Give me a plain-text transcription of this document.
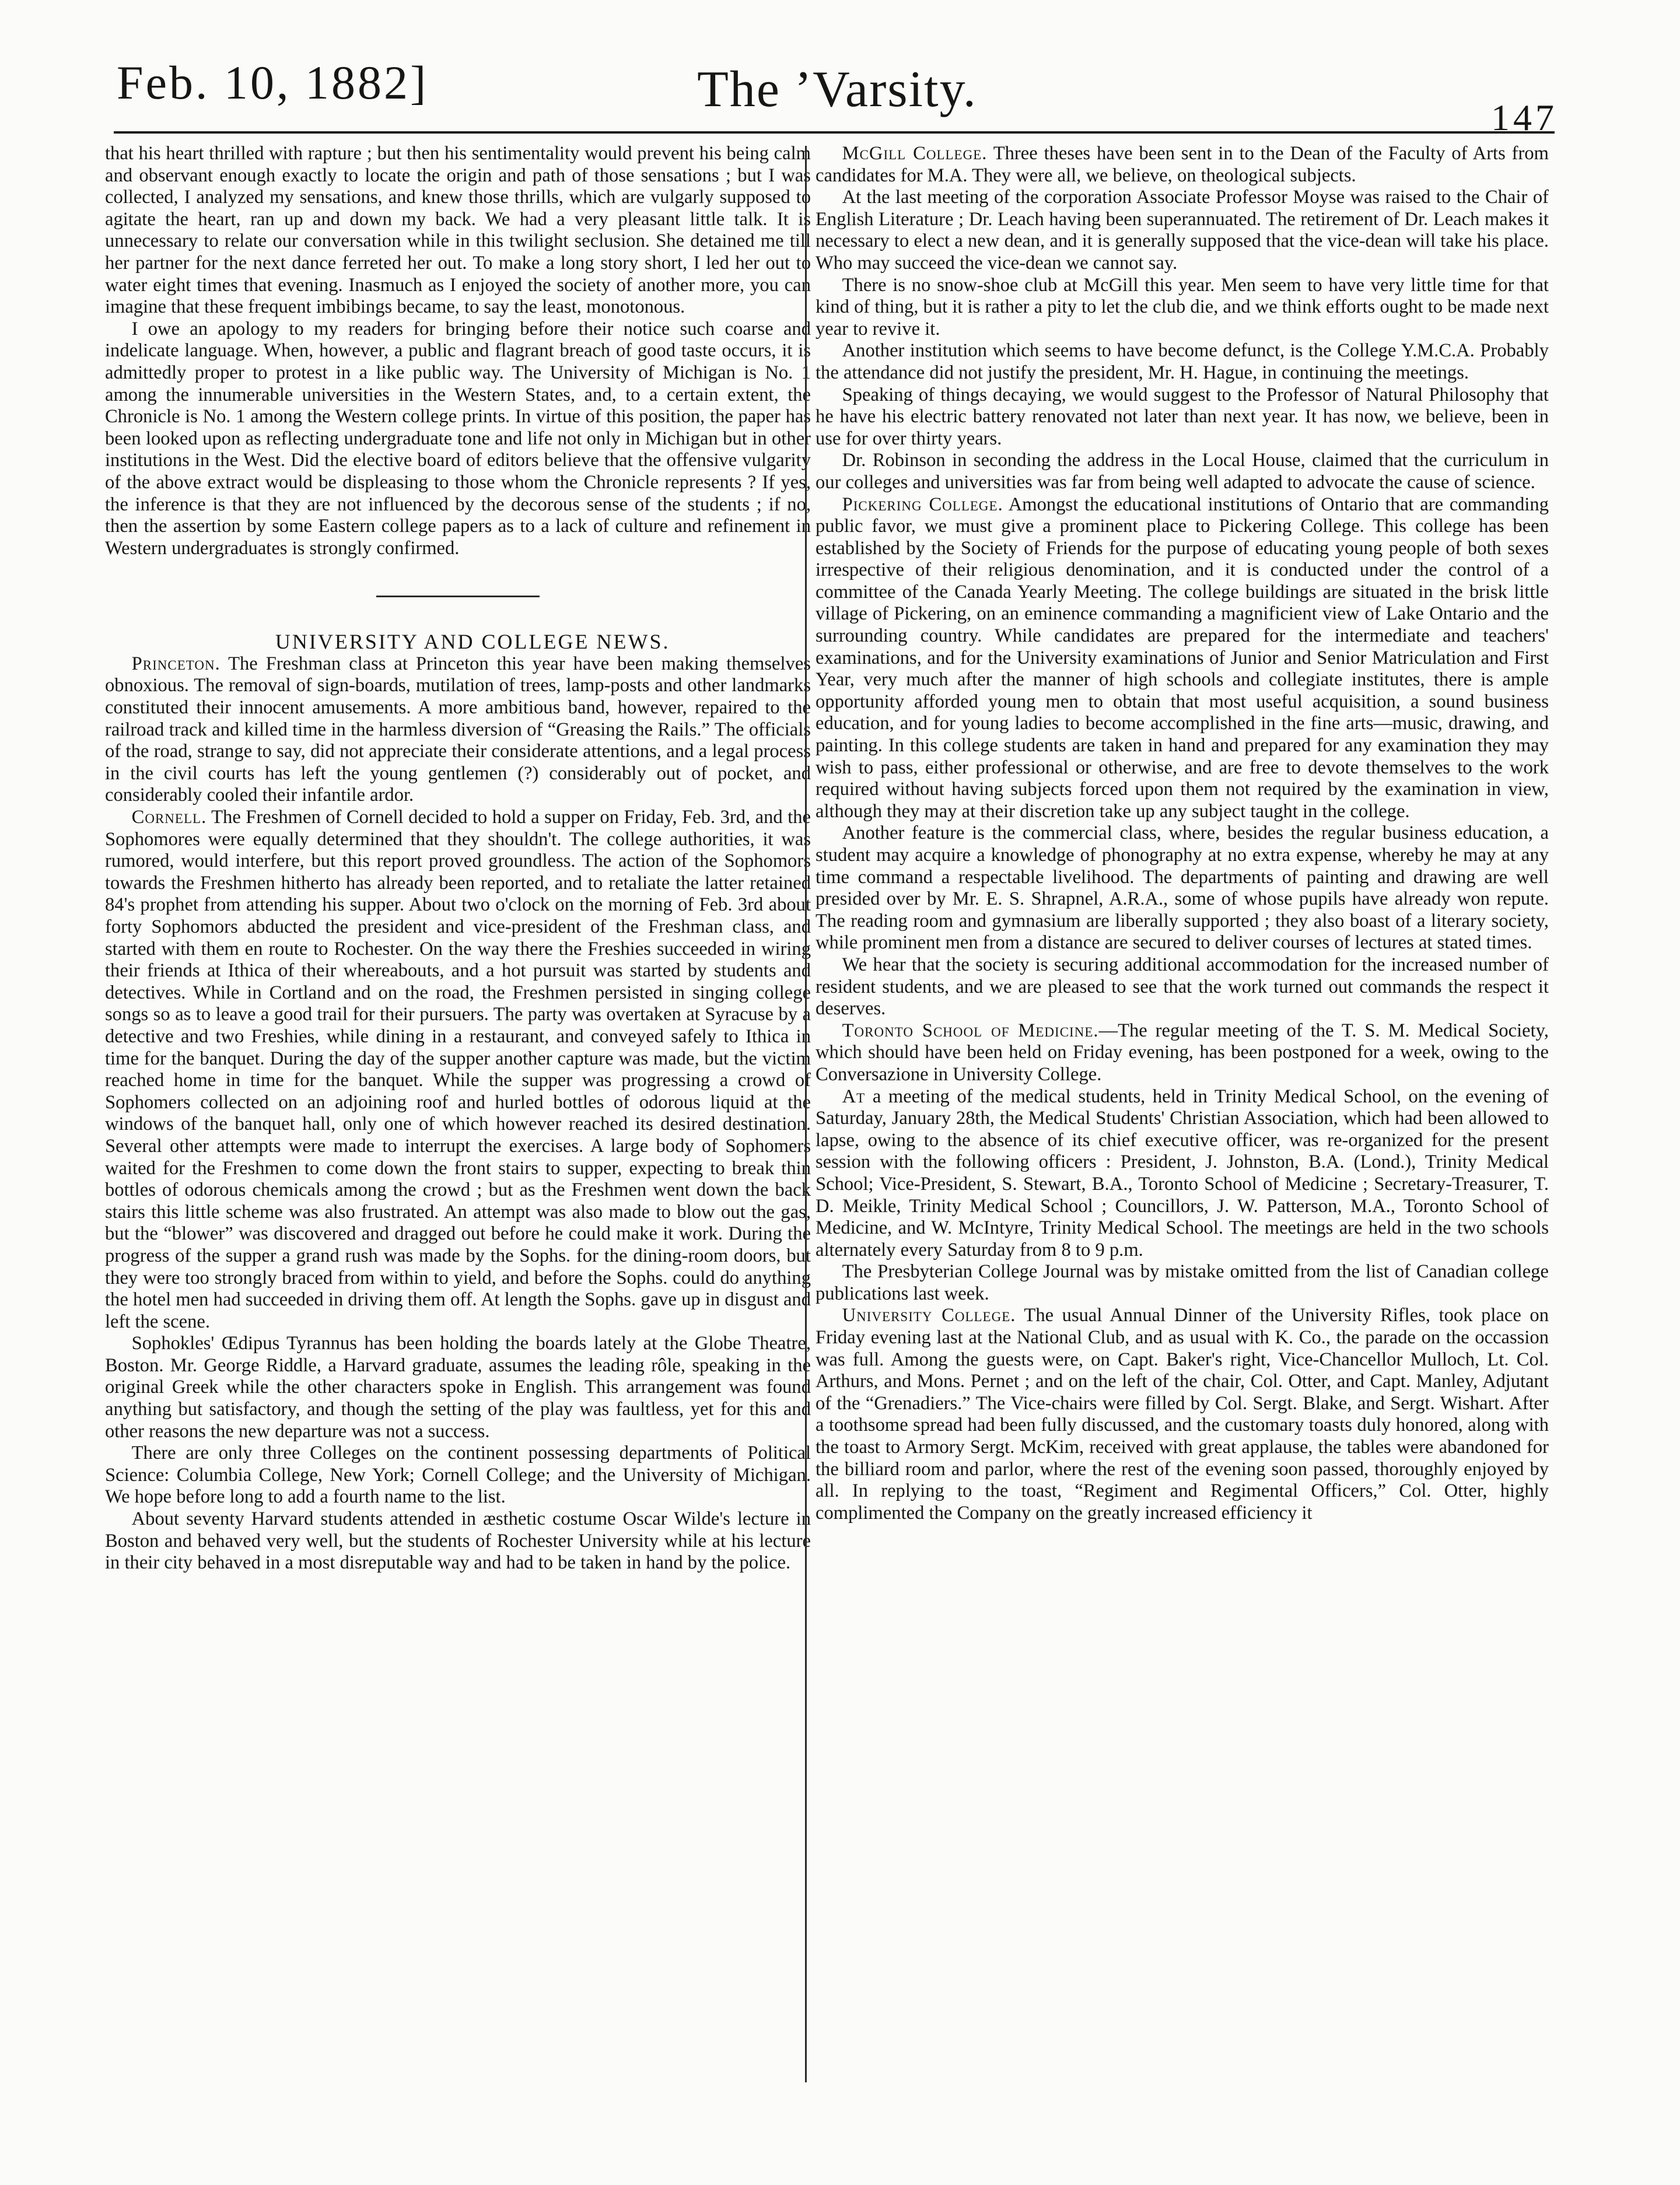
Feb. 10, 1882]	The ’Varsity.	147

that his heart thrilled with rapture ; but then his sentimentality would prevent his being calm and observant enough exactly to locate the origin and path of those sensations ; but I was collected, I analyzed my sensations, and knew those thrills, which are vulgarly supposed to agitate the heart, ran up and down my back. We had a very pleasant little talk. It is unnecessary to relate our conversation while in this twilight seclusion. She detained me till her partner for the next dance ferreted her out. To make a long story short, I led her out to water eight times that evening. Inasmuch as I enjoyed the society of another more, you can imagine that these frequent imbibings became, to say the least, monotonous.

I owe an apology to my readers for bringing before their notice such coarse and indelicate language. When, however, a public and flagrant breach of good taste occurs, it is admittedly proper to protest in a like public way. The University of Michigan is No. 1 among the innumerable universities in the Western States, and, to a certain extent, the Chronicle is No. 1 among the Western college prints. In virtue of this position, the paper has been looked upon as reflecting undergraduate tone and life not only in Michigan but in other institutions in the West. Did the elective board of editors believe that the offensive vulgarity of the above extract would be displeasing to those whom the Chronicle represents ? If yes, the inference is that they are not influenced by the decorous sense of the students ; if no, then the assertion by some Eastern college papers as to a lack of culture and refinement in Western undergraduates is strongly confirmed.

UNIVERSITY AND COLLEGE NEWS.

Princeton. The Freshman class at Princeton this year have been making themselves obnoxious. The removal of sign-boards, mutilation of trees, lamp-posts and other landmarks constituted their innocent amusements. A more ambitious band, however, repaired to the railroad track and killed time in the harmless diversion of “Greasing the Rails.” The officials of the road, strange to say, did not appreciate their considerate attentions, and a legal process in the civil courts has left the young gentlemen (?) considerably out of pocket, and considerably cooled their infantile ardor.

Cornell. The Freshmen of Cornell decided to hold a supper on Friday, Feb. 3rd, and the Sophomores were equally determined that they shouldn't. The college authorities, it was rumored, would interfere, but this report proved groundless. The action of the Sophomors towards the Freshmen hitherto has already been reported, and to retaliate the latter retained 84's prophet from attending his supper. About two o'clock on the morning of Feb. 3rd about forty Sophomors abducted the president and vice-president of the Freshman class, and started with them en route to Rochester. On the way there the Freshies succeeded in wiring their friends at Ithica of their whereabouts, and a hot pursuit was started by students and detectives. While in Cortland and on the road, the Freshmen persisted in singing college songs so as to leave a good trail for their pursuers. The party was overtaken at Syracuse by a detective and two Freshies, while dining in a restaurant, and conveyed safely to Ithica in time for the banquet. During the day of the supper another capture was made, but the victim reached home in time for the banquet. While the supper was progressing a crowd of Sophomers collected on an adjoining roof and hurled bottles of odorous liquid at the windows of the banquet hall, only one of which however reached its desired destination. Several other attempts were made to interrupt the exercises. A large body of Sophomers waited for the Freshmen to come down the front stairs to supper, expecting to break thin bottles of odorous chemicals among the crowd ; but as the Freshmen went down the back stairs this little scheme was also frustrated. An attempt was also made to blow out the gas, but the “blower” was discovered and dragged out before he could make it work. During the progress of the supper a grand rush was made by the Sophs. for the dining-room doors, but they were too strongly braced from within to yield, and before the Sophs. could do anything the hotel men had succeeded in driving them off. At length the Sophs. gave up in disgust and left the scene.

Sophokles' Œdipus Tyrannus has been holding the boards lately at the Globe Theatre, Boston. Mr. George Riddle, a Harvard graduate, assumes the leading rôle, speaking in the original Greek while the other characters spoke in English. This arrangement was found anything but satisfactory, and though the setting of the play was faultless, yet for this and other reasons the new departure was not a success.

There are only three Colleges on the continent possessing departments of Political Science: Columbia College, New York; Cornell College; and the University of Michigan. We hope before long to add a fourth name to the list.

About seventy Harvard students attended in æsthetic costume Oscar Wilde's lecture in Boston and behaved very well, but the students of Rochester University while at his lecture in their city behaved in a most disreputable way and had to be taken in hand by the police.

McGill College. Three theses have been sent in to the Dean of the Faculty of Arts from candidates for M.A. They were all, we believe, on theological subjects.

At the last meeting of the corporation Associate Professor Moyse was raised to the Chair of English Literature ; Dr. Leach having been superannuated. The retirement of Dr. Leach makes it necessary to elect a new dean, and it is generally supposed that the vice-dean will take his place. Who may succeed the vice-dean we cannot say.

There is no snow-shoe club at McGill this year. Men seem to have very little time for that kind of thing, but it is rather a pity to let the club die, and we think efforts ought to be made next year to revive it.

Another institution which seems to have become defunct, is the College Y.M.C.A. Probably the attendance did not justify the president, Mr. H. Hague, in continuing the meetings.

Speaking of things decaying, we would suggest to the Professor of Natural Philosophy that he have his electric battery renovated not later than next year. It has now, we believe, been in use for over thirty years.

Dr. Robinson in seconding the address in the Local House, claimed that the curriculum in our colleges and universities was far from being well adapted to advocate the cause of science.

Pickering College. Amongst the educational institutions of Ontario that are commanding public favor, we must give a prominent place to Pickering College. This college has been established by the Society of Friends for the purpose of educating young people of both sexes irrespective of their religious denomination, and it is conducted under the control of a committee of the Canada Yearly Meeting. The college buildings are situated in the brisk little village of Pickering, on an eminence commanding a magnificient view of Lake Ontario and the surrounding country. While candidates are prepared for the intermediate and teachers' examinations, and for the University examinations of Junior and Senior Matriculation and First Year, very much after the manner of high schools and collegiate institutes, there is ample opportunity afforded young men to obtain that most useful acquisition, a sound business education, and for young ladies to become accomplished in the fine arts—music, drawing, and painting. In this college students are taken in hand and prepared for any examination they may wish to pass, either professional or otherwise, and are free to devote themselves to the work required without having subjects forced upon them not required by the examination in view, although they may at their discretion take up any subject taught in the college.

Another feature is the commercial class, where, besides the regular business education, a student may acquire a knowledge of phonography at no extra expense, whereby he may at any time command a respectable livelihood. The departments of painting and drawing are well presided over by Mr. E. S. Shrapnel, A.R.A., some of whose pupils have already won repute. The reading room and gymnasium are liberally supported ; they also boast of a literary society, while prominent men from a distance are secured to deliver courses of lectures at stated times.

We hear that the society is securing additional accommodation for the increased number of resident students, and we are pleased to see that the work turned out commands the respect it deserves.

Toronto School of Medicine.—The regular meeting of the T. S. M. Medical Society, which should have been held on Friday evening, has been postponed for a week, owing to the Conversazione in University College.

At a meeting of the medical students, held in Trinity Medical School, on the evening of Saturday, January 28th, the Medical Students' Christian Association, which had been allowed to lapse, owing to the absence of its chief executive officer, was re-organized for the present session with the following officers : President, J. Johnston, B.A. (Lond.), Trinity Medical School; Vice-President, S. Stewart, B.A., Toronto School of Medicine ; Secretary-Treasurer, T. D. Meikle, Trinity Medical School ; Councillors, J. W. Patterson, M.A., Toronto School of Medicine, and W. McIntyre, Trinity Medical School. The meetings are held in the two schools alternately every Saturday from 8 to 9 p.m.

The Presbyterian College Journal was by mistake omitted from the list of Canadian college publications last week.

University College. The usual Annual Dinner of the University Rifles, took place on Friday evening last at the National Club, and as usual with K. Co., the parade on the occassion was full. Among the guests were, on Capt. Baker's right, Vice-Chancellor Mulloch, Lt. Col. Arthurs, and Mons. Pernet ; and on the left of the chair, Col. Otter, and Capt. Manley, Adjutant of the “Grenadiers.” The Vice-chairs were filled by Col. Sergt. Blake, and Sergt. Wishart. After a toothsome spread had been fully discussed, and the customary toasts duly honored, along with the toast to Armory Sergt. McKim, received with great applause, the tables were abandoned for the billiard room and parlor, where the rest of the evening soon passed, thoroughly enjoyed by all. In replying to the toast, “Regiment and Regimental Officers,” Col. Otter, highly complimented the Company on the greatly increased efficiency it
